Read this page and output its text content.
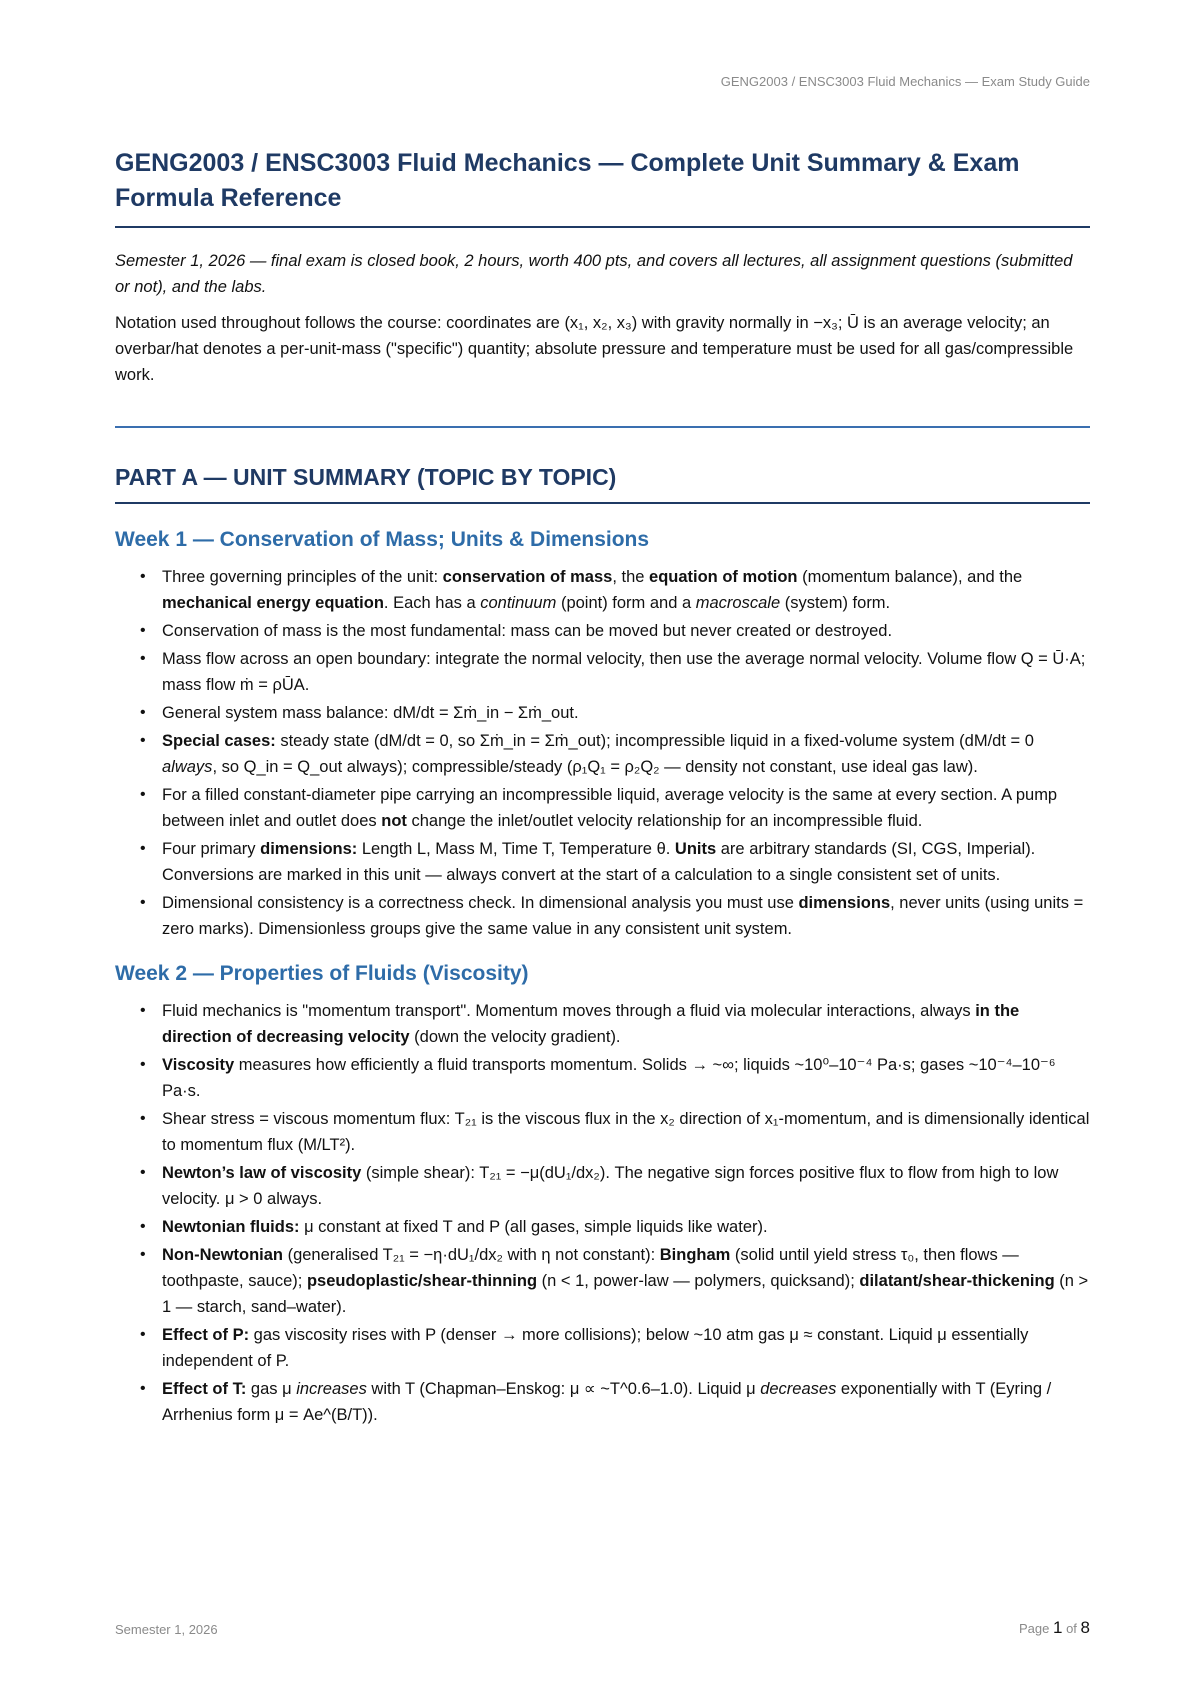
GENG2003 / ENSC3003 Fluid Mechanics — Exam Study Guide
GENG2003 / ENSC3003 Fluid Mechanics — Complete Unit Summary & Exam Formula Reference

Semester 1, 2026 — final exam is closed book, 2 hours, worth 400 pts, and covers all lectures, all assignment questions (submitted or not), and the labs.

Notation used throughout follows the course: coordinates are (x₁, x₂, x₃) with gravity normally in −x₃; Ū is an average velocity; an overbar/hat denotes a per-unit-mass ("specific") quantity; absolute pressure and temperature must be used for all gas/compressible work.

PART A — UNIT SUMMARY (TOPIC BY TOPIC)
Week 1 — Conservation of Mass; Units & Dimensions
• Three governing principles of the unit: conservation of mass, the equation of motion (momentum balance), and the mechanical energy equation. Each has a continuum (point) form and a macroscale (system) form.
• Conservation of mass is the most fundamental: mass can be moved but never created or destroyed.
• Mass flow across an open boundary: integrate the normal velocity, then use the average normal velocity. Volume flow Q = Ū·A; mass flow ṁ = ρŪA.
• General system mass balance: dM/dt = Σṁ_in − Σṁ_out.
• Special cases: steady state (dM/dt = 0, so Σṁ_in = Σṁ_out); incompressible liquid in a fixed-volume system (dM/dt = 0 always, so Q_in = Q_out always); compressible/steady (ρ₁Q₁ = ρ₂Q₂ — density not constant, use ideal gas law).
• For a filled constant-diameter pipe carrying an incompressible liquid, average velocity is the same at every section. A pump between inlet and outlet does not change the inlet/outlet velocity relationship for an incompressible fluid.
• Four primary dimensions: Length L, Mass M, Time T, Temperature θ. Units are arbitrary standards (SI, CGS, Imperial). Conversions are marked in this unit — always convert at the start of a calculation to a single consistent set of units.
• Dimensional consistency is a correctness check. In dimensional analysis you must use dimensions, never units (using units = zero marks). Dimensionless groups give the same value in any consistent unit system.
Week 2 — Properties of Fluids (Viscosity)
• Fluid mechanics is "momentum transport". Momentum moves through a fluid via molecular interactions, always in the direction of decreasing velocity (down the velocity gradient).
• Viscosity measures how efficiently a fluid transports momentum. Solids → ~∞; liquids ~10⁰–10⁻⁴ Pa·s; gases ~10⁻⁴–10⁻⁶ Pa·s.
• Shear stress = viscous momentum flux: T₂₁ is the viscous flux in the x₂ direction of x₁-momentum, and is dimensionally identical to momentum flux (M/LT²).
• Newton’s law of viscosity (simple shear): T₂₁ = −μ(dU₁/dx₂). The negative sign forces positive flux to flow from high to low velocity. μ > 0 always.
• Newtonian fluids: μ constant at fixed T and P (all gases, simple liquids like water).
• Non-Newtonian (generalised T₂₁ = −η·dU₁/dx₂ with η not constant): Bingham (solid until yield stress τ₀, then flows — toothpaste, sauce); pseudoplastic/shear-thinning (n < 1, power-law — polymers, quicksand); dilatant/shear-thickening (n > 1 — starch, sand–water).
• Effect of P: gas viscosity rises with P (denser → more collisions); below ~10 atm gas μ ≈ constant. Liquid μ essentially independent of P.
• Effect of T: gas μ increases with T (Chapman–Enskog: μ ∝ ~T^0.6–1.0). Liquid μ decreases exponentially with T (Eyring / Arrhenius form μ = Ae^(B/T)).
Semester 1, 2026	Page 1 of 8
